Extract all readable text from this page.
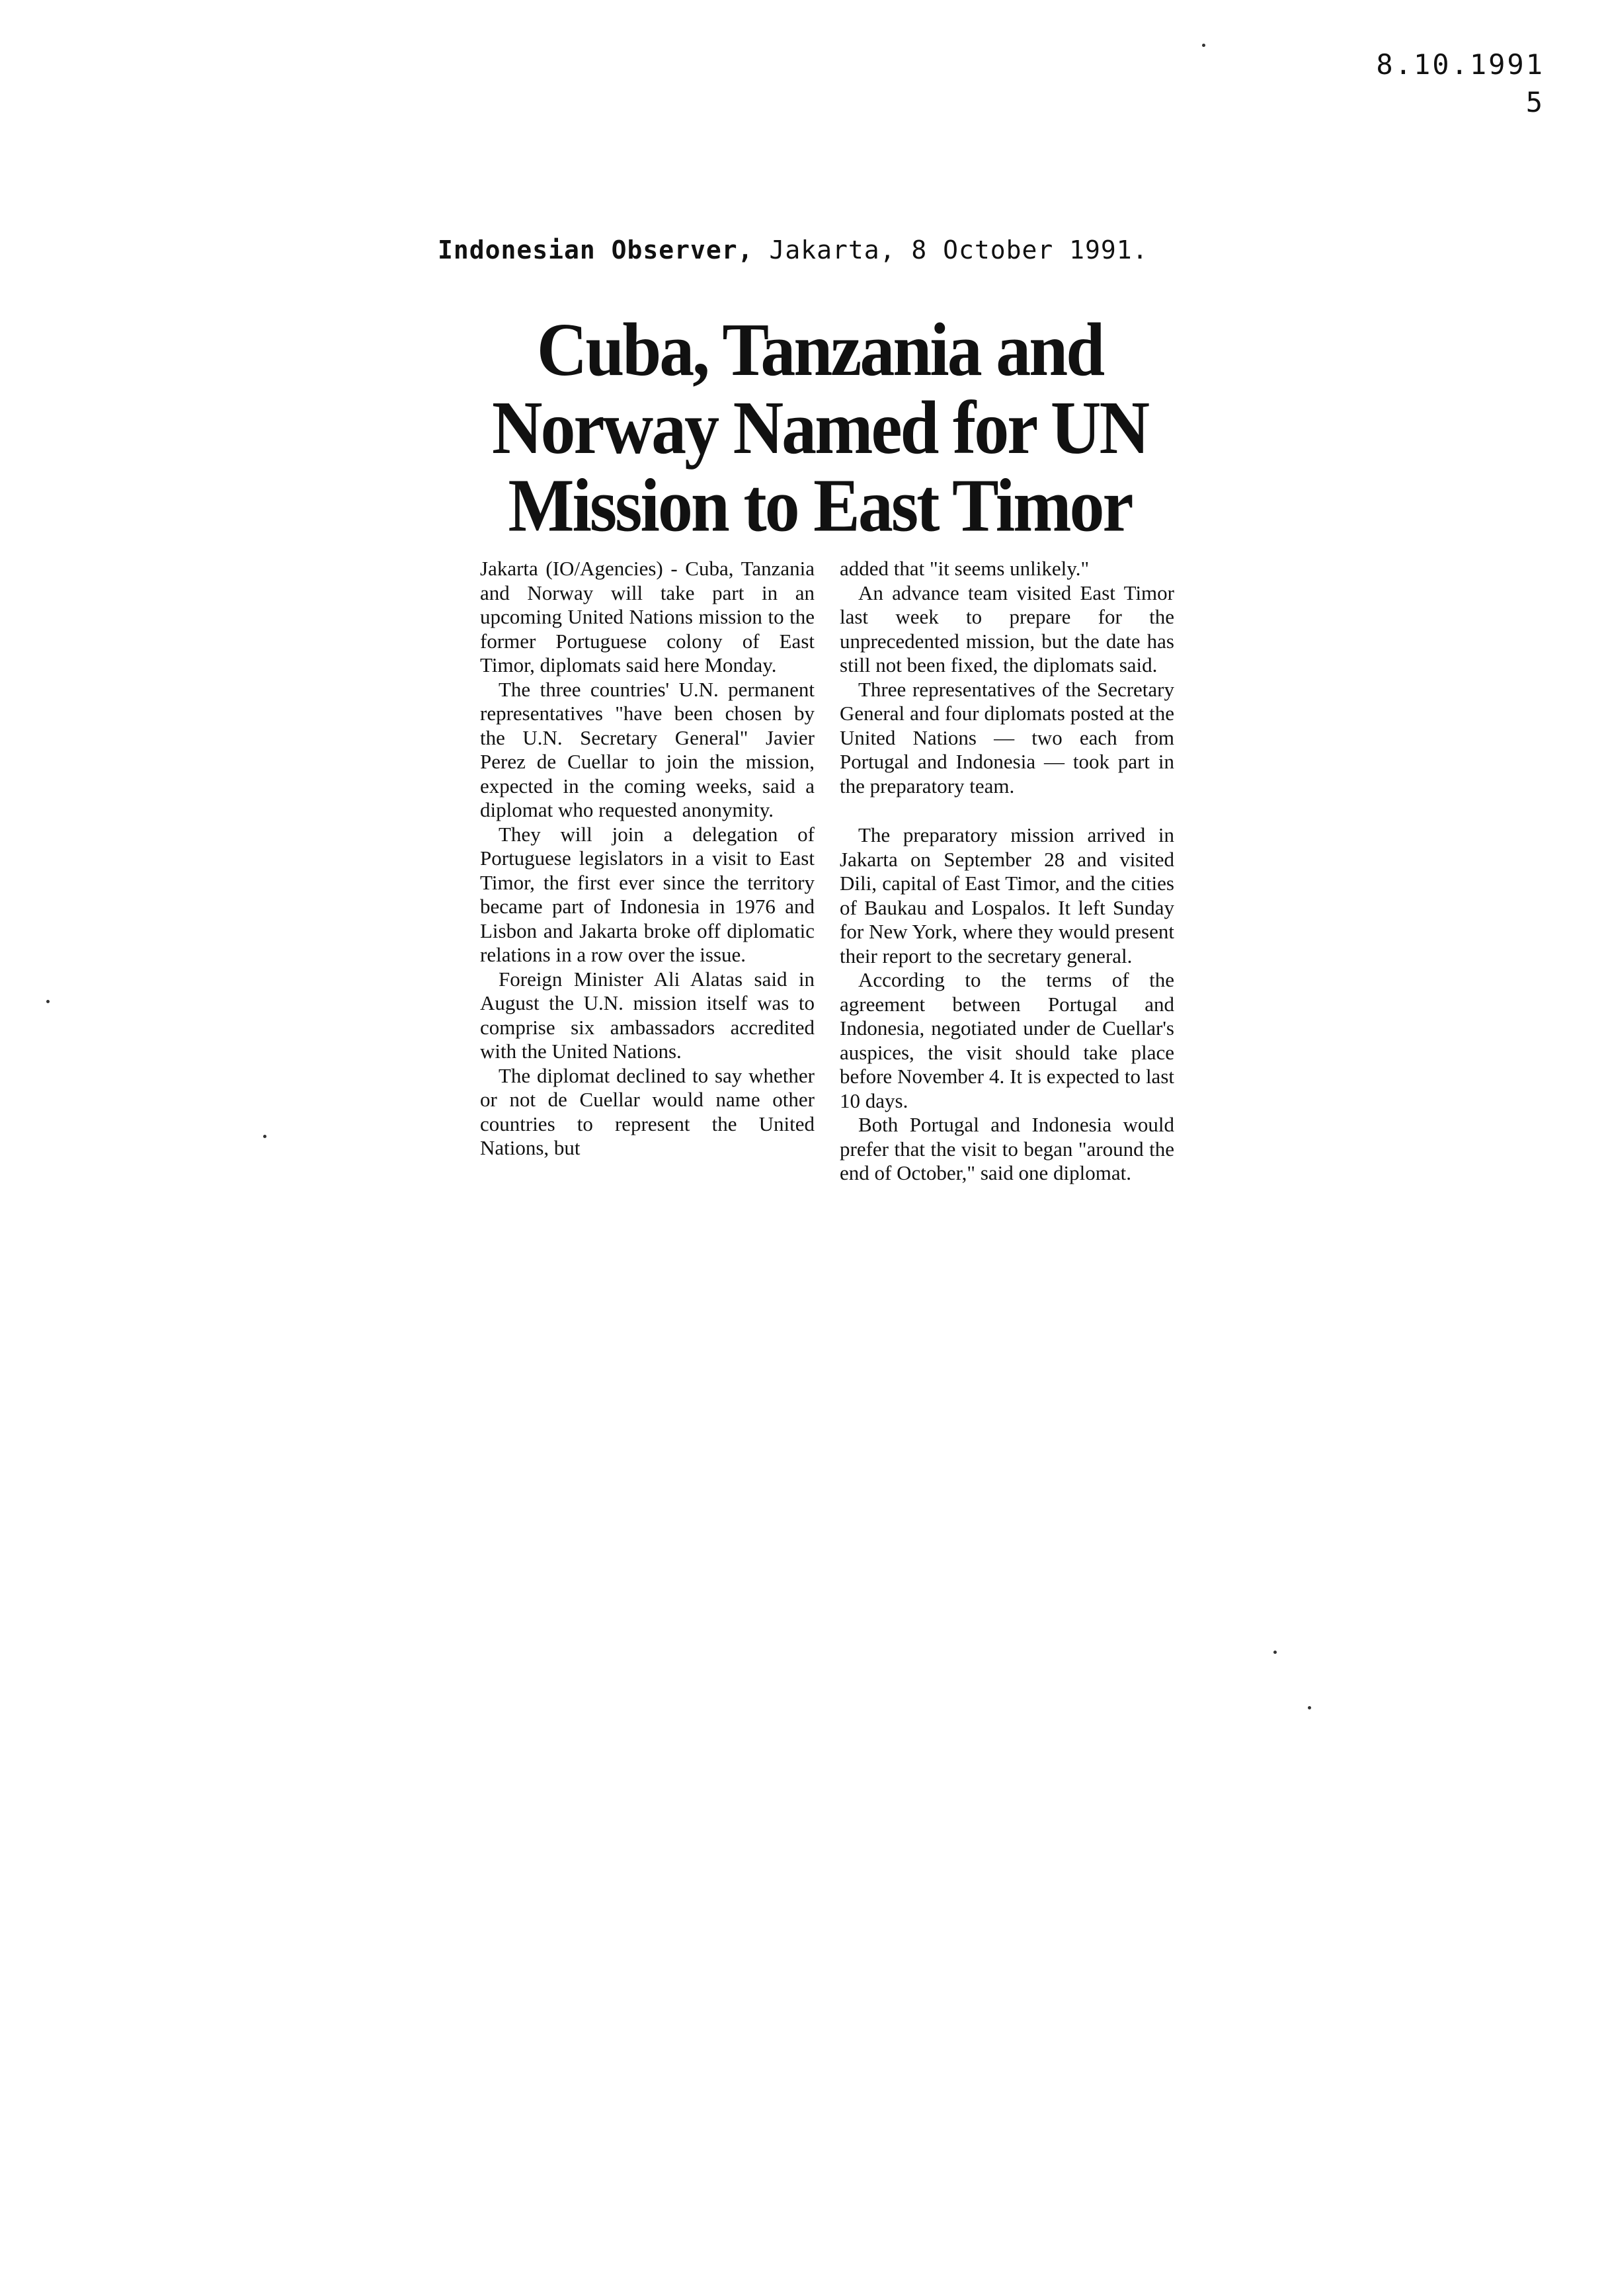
8.10.1991
5
Indonesian Observer, Jakarta, 8 October 1991.
Cuba, Tanzania and
Norway Named for UN
Mission to East Timor

Jakarta (IO/Agencies) - Cuba, Tanzania and Norway will take part in an upcoming United Nations mission to the former Portuguese colony of East Timor, diplomats said here Monday.

The three countries' U.N. permanent representatives "have been chosen by the U.N. Secretary General" Javier Perez de Cuellar to join the mission, expected in the coming weeks, said a diplomat who requested anonymity.

They will join a delegation of Portuguese legislators in a visit to East Timor, the first ever since the territory became part of Indonesia in 1976 and Lisbon and Jakarta broke off diplomatic relations in a row over the issue.

Foreign Minister Ali Alatas said in August the U.N. mission itself was to comprise six ambassadors accredited with the United Nations.

The diplomat declined to say whether or not de Cuellar would name other countries to represent the United Nations, but

added that "it seems unlikely."

An advance team visited East Timor last week to prepare for the unprecedented mission, but the date has still not been fixed, the diplomats said.

Three representatives of the Secretary General and four diplomats posted at the United Nations — two each from Portugal and Indonesia — took part in the preparatory team.

The preparatory mission arrived in Jakarta on September 28 and visited Dili, capital of East Timor, and the cities of Baukau and Lospalos. It left Sunday for New York, where they would present their report to the secretary general.

According to the terms of the agreement between Portugal and Indonesia, negotiated under de Cuellar's auspices, the visit should take place before November 4. It is expected to last 10 days.

Both Portugal and Indonesia would prefer that the visit to began "around the end of October," said one diplomat.
